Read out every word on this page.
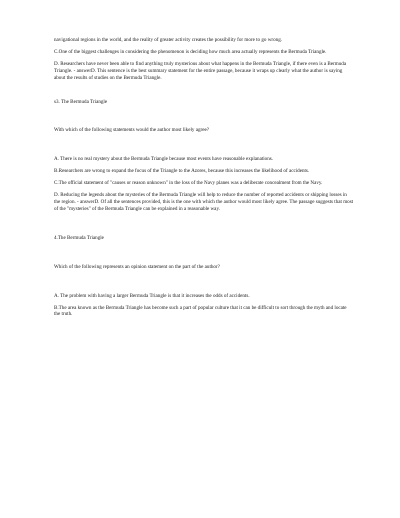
navigational regions in the world, and the reality of greater activity creates the possibility for more to go wrong.

C.One of the biggest challenges in considering the phenomenon is deciding how much area actually represents the Bermuda Triangle.

D. Researchers have never been able to find anything truly mysterious about what happens in the Bermuda Triangle, if there even is a Bermuda Triangle. - answerD. This sentence is the best summary statement for the entire passage, because it wraps up clearly what the author is saying about the results of studies on the Bermuda Triangle.

s3. The Bermuda Triangle

With which of the following statements would the author most likely agree?

A. There is no real mystery about the Bermuda Triangle because most events have reasonable explanations.

B.Researchers are wrong to expand the focus of the Triangle to the Azores, because this increases the likelihood of accidents.

C.The official statement of "causes or reason unknown" in the loss of the Navy planes was a deliberate concealment from the Navy.

D. Reducing the legends about the mysteries of the Bermuda Triangle will help to reduce the number of reported accidents or shipping losses in the region. - answerD. Of all the sentences provided, this is the one with which the author would most likely agree. The passage suggests that most of the "mysteries" of the Bermuda Triangle can be explained in a reasonable way.

4.The Bermuda Triangle

Which of the following represents an opinion statement on the part of the author?

A. The problem with having a larger Bermuda Triangle is that it increases the odds of accidents.

B.The area known as the Bermuda Triangle has become such a part of popular culture that it can be difficult to sort through the myth and locate the truth.
